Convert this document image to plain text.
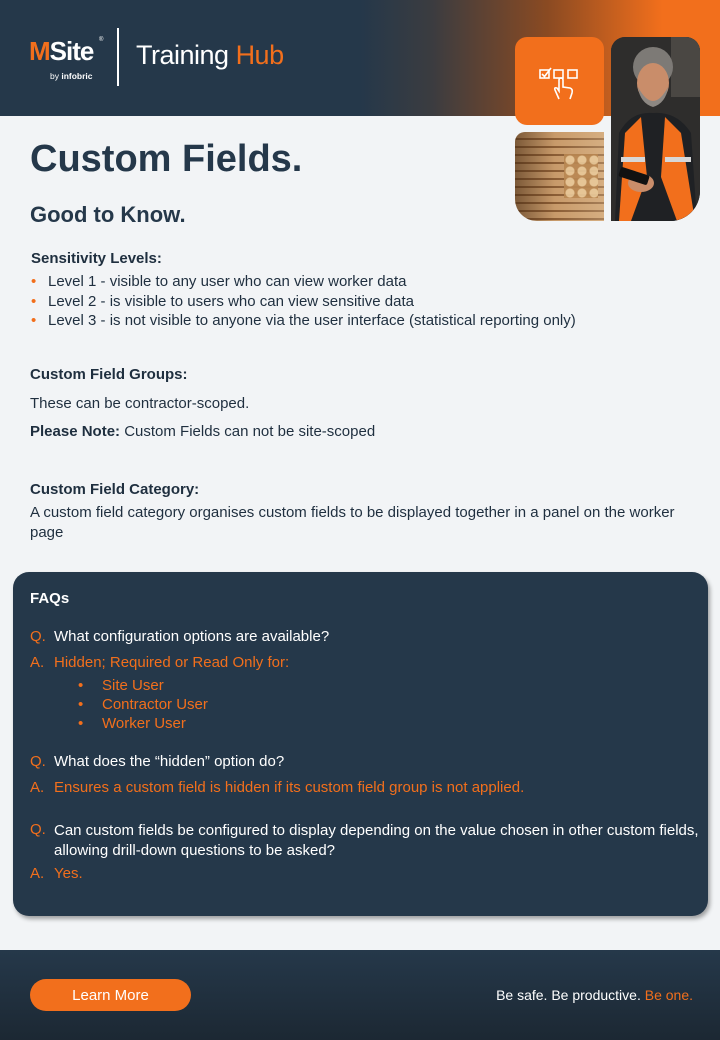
MSite ®
by infobric
Training Hub
Custom Fields.
Good to Know.
Sensitivity Levels:
• Level 1 - visible to any user who can view worker data
• Level 2 - is visible to users who can view sensitive data
• Level 3 - is not visible to anyone via the user interface (statistical reporting only)
Custom Field Groups:
These can be contractor-scoped.
Please Note: Custom Fields can not be site-scoped
Custom Field Category:
A custom field category organises custom fields to be displayed together in a panel on the worker page
FAQs
Q. What configuration options are available?
A. Hidden; Required or Read Only for:
• Site User
• Contractor User
• Worker User
Q. What does the “hidden” option do?
A. Ensures a custom field is hidden if its custom field group is not applied.
Q. Can custom fields be configured to display depending on the value chosen in other custom fields, allowing drill-down questions to be asked?
A. Yes.
Learn More	Be safe. Be productive. Be one.
